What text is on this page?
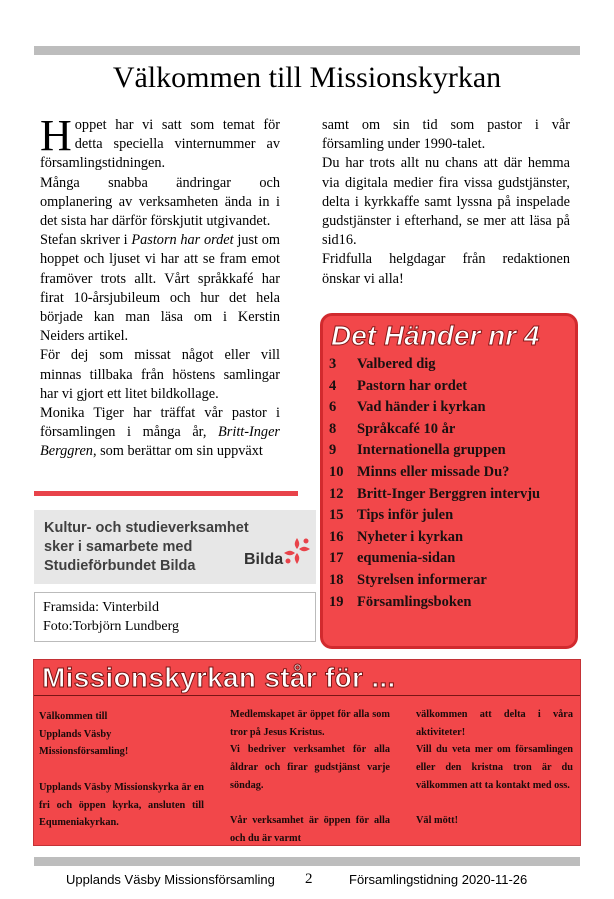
Välkommen till Missionskyrkan

Hoppet har vi satt som temat för detta speciella vinternummer av församlingstidningen.

Många snabba ändringar och omplanering av verksamheten ända in i det sista har därför förskjutit utgivandet.

Stefan skriver i Pastorn har ordet just om hoppet och ljuset vi har att se fram emot framöver trots allt. Vårt språkkafé har firat 10-årsjubileum och hur det hela började kan man läsa om i Kerstin Neiders artikel.

För dej som missat något eller vill minnas tillbaka från höstens samlingar har vi gjort ett litet bildkollage.

Monika Tiger har träffat vår pastor i församlingen i många år, Britt-Inger Berggren, som berättar om sin uppväxt

samt om sin tid som pastor i vår församling under 1990-talet.

Du har trots allt nu chans att där hemma via digitala medier fira vissa gudstjänster, delta i kyrkkaffe samt lyssna på inspelade gudstjänster i efterhand, se mer att läsa på sid16.

Fridfulla helgdagar från redaktionen önskar vi alla!

Kultur- och studieverksamhet
sker i samarbete med
Studieförbundet Bilda	Bilda
Framsida: Vinterbild
Foto:Torbjörn Lundberg
Det Händer nr 4
3	Valbered dig
4	Pastorn har ordet
6	Vad händer i kyrkan
8	Språkcafé 10 år
9	Internationella gruppen
10 Minns eller missade Du?
12 Britt-Inger Berggren intervju
15 Tips inför julen
16 Nyheter i kyrkan
17 equmenia-sidan
18 Styrelsen informerar
19 Församlingsboken
Missionskyrkan står för ...

Välkommen till Upplands Väsby Missionsförsamling!

Upplands Väsby Missionskyrka är en fri och öppen kyrka, ansluten till Equmeniakyrkan.

Medlemskapet är öppet för alla som tror på Jesus Kristus.

Vi bedriver verksamhet för alla åldrar och firar gudstjänst varje söndag.

Vår verksamhet är öppen för alla och du är varmt

välkommen att delta i våra aktiviteter!

Vill du veta mer om församlingen eller den kristna tron är du välkommen att ta kontakt med oss.

Väl mött!

Upplands Väsby Missionsförsamling 2	Församlingstidning 2020-11-26
